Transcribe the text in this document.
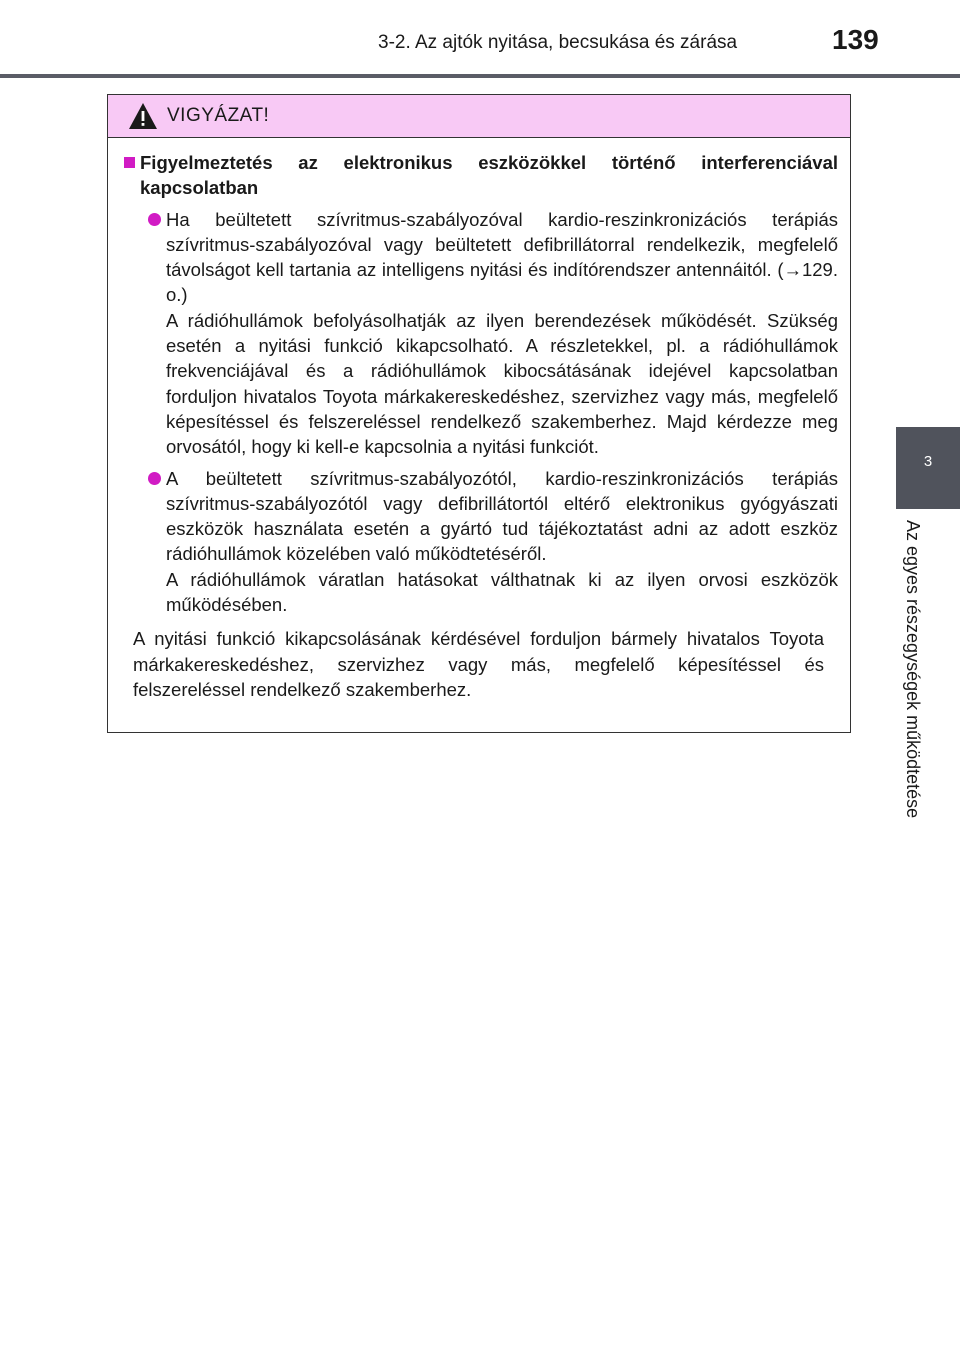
3-2. Az ajtók nyitása, becsukása és zárása	139
3
Az egyes részegységek működtetése
VIGYÁZAT!
Figyelmeztetés az elektronikus eszközökkel történő interferenciával kapcsolatban

Ha beültetett szívritmus-szabályozóval kardio-reszinkronizációs terápiás szívritmus-szabályozóval vagy beültetett defibrillátorral rendelkezik, megfelelő távolságot kell tartania az intelligens nyitási és indítórendszer antennáitól. (→129. o.)

A rádióhullámok befolyásolhatják az ilyen berendezések működését. Szükség esetén a nyitási funkció kikapcsolható. A részletekkel, pl. a rádióhullámok frekvenciájával és a rádióhullámok kibocsátásának idejével kapcsolatban forduljon hivatalos Toyota márkakereskedéshez, szervizhez vagy más, megfelelő képesítéssel és felszereléssel rendelkező szakemberhez. Majd kérdezze meg orvosától, hogy ki kell-e kapcsolnia a nyitási funkciót.

A beültetett szívritmus-szabályozótól, kardio-reszinkronizációs terápiás szívritmus-szabályozótól vagy defibrillátortól eltérő elektronikus gyógyászati eszközök használata esetén a gyártó tud tájékoztatást adni az adott eszköz rádióhullámok közelében való működtetéséről.

A rádióhullámok váratlan hatásokat válthatnak ki az ilyen orvosi eszközök működésében.

A nyitási funkció kikapcsolásának kérdésével forduljon bármely hivatalos Toyota márkakereskedéshez, szervizhez vagy más, megfelelő képesítéssel és felszereléssel rendelkező szakemberhez.
